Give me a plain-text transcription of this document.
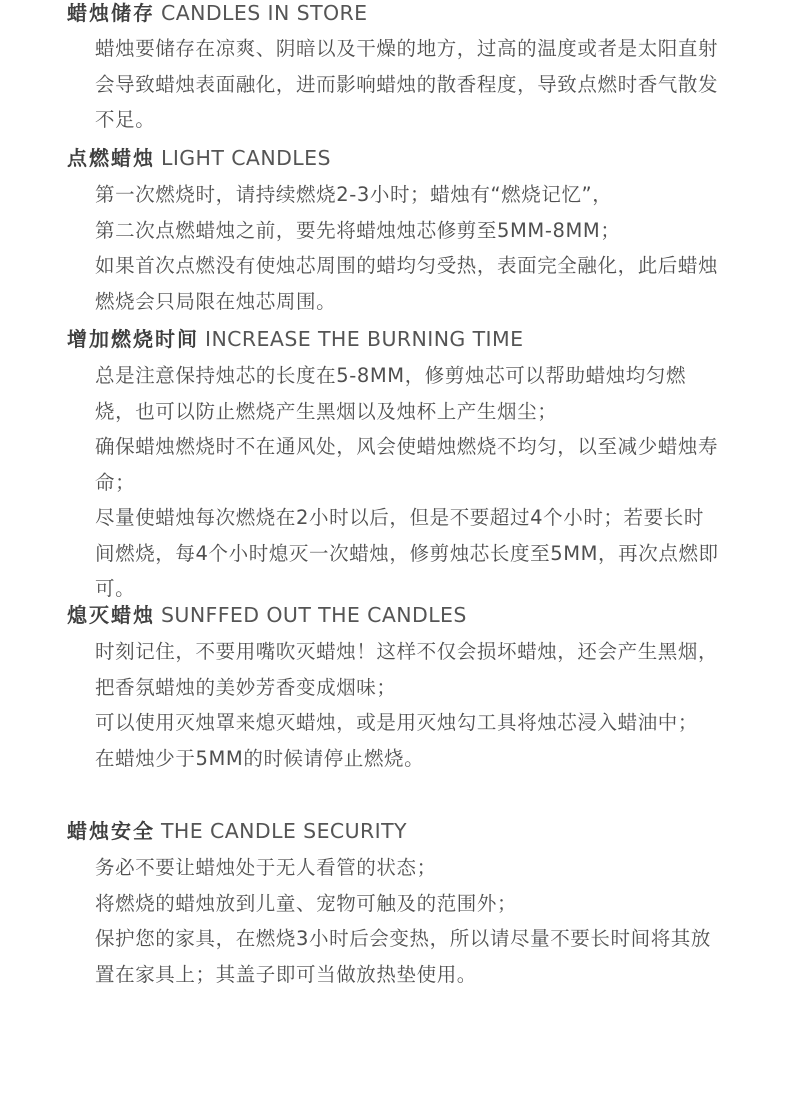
蜡烛储存 CANDLES IN STORE

蜡烛要储存在凉爽、阴暗以及干燥的地方，过高的温度或者是太阳直射会导致蜡烛表面融化，进而影响蜡烛的散香程度，导致点燃时香气散发不足。

点燃蜡烛 LIGHT CANDLES

第一次燃烧时，请持续燃烧2-3小时；蜡烛有“燃烧记忆”，

第二次点燃蜡烛之前，要先将蜡烛烛芯修剪至5MM-8MM；

如果首次点燃没有使烛芯周围的蜡均匀受热，表面完全融化，此后蜡烛燃烧会只局限在烛芯周围。

增加燃烧时间 INCREASE THE BURNING TIME

总是注意保持烛芯的长度在5-8MM，修剪烛芯可以帮助蜡烛均匀燃烧，也可以防止燃烧产生黑烟以及烛杯上产生烟尘；

确保蜡烛燃烧时不在通风处，风会使蜡烛燃烧不均匀，以至减少蜡烛寿命；

尽量使蜡烛每次燃烧在2小时以后，但是不要超过4个小时；若要长时间燃烧，每4个小时熄灭一次蜡烛，修剪烛芯长度至5MM，再次点燃即可。

熄灭蜡烛 SUNFFED OUT THE CANDLES

时刻记住，不要用嘴吹灭蜡烛！这样不仅会损坏蜡烛，还会产生黑烟，把香氛蜡烛的美妙芳香变成烟味；

可以使用灭烛罩来熄灭蜡烛，或是用灭烛勾工具将烛芯浸入蜡油中；

在蜡烛少于5MM的时候请停止燃烧。

蜡烛安全 THE CANDLE SECURITY

务必不要让蜡烛处于无人看管的状态；

将燃烧的蜡烛放到儿童、宠物可触及的范围外；

保护您的家具，在燃烧3小时后会变热，所以请尽量不要长时间将其放置在家具上；其盖子即可当做放热垫使用。
